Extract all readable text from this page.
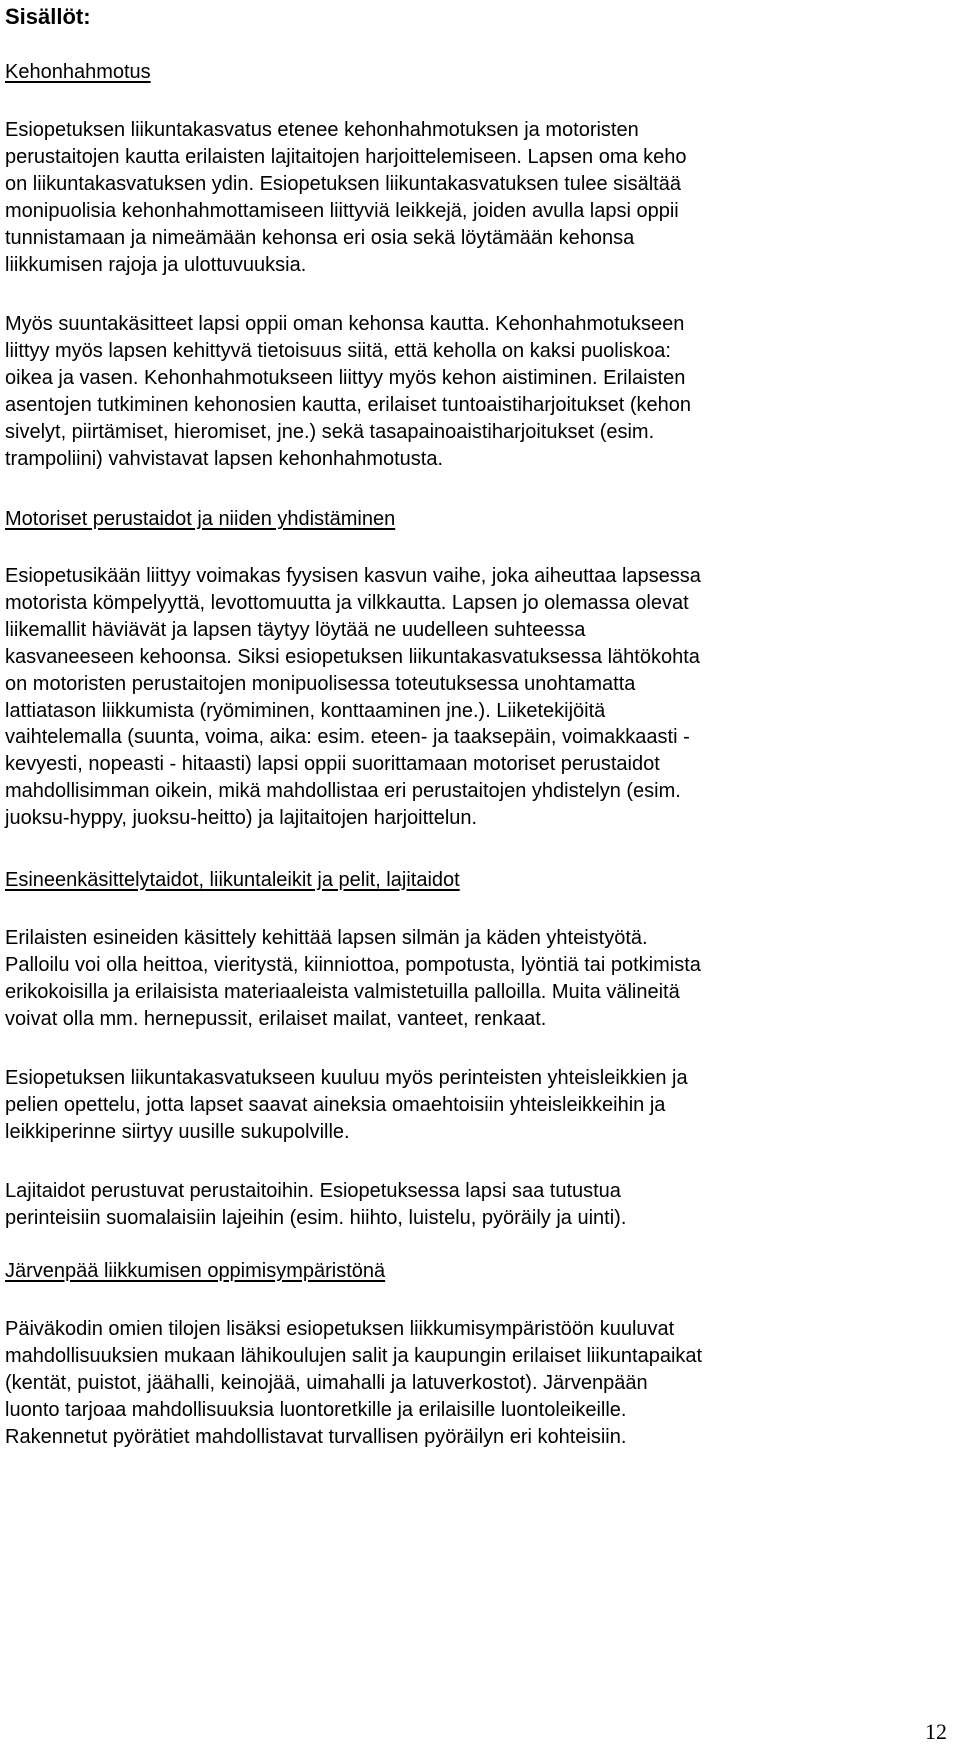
Sisällöt:
Kehonhahmotus

Esiopetuksen liikuntakasvatus etenee kehonhahmotuksen ja motoristen
perustaitojen kautta erilaisten lajitaitojen harjoittelemiseen. Lapsen oma keho
on liikuntakasvatuksen ydin. Esiopetuksen liikuntakasvatuksen tulee sisältää
monipuolisia kehonhahmottamiseen liittyviä leikkejä, joiden avulla lapsi oppii
tunnistamaan ja nimeämään kehonsa eri osia sekä löytämään kehonsa
liikkumisen rajoja ja ulottuvuuksia.

Myös suuntakäsitteet lapsi oppii oman kehonsa kautta. Kehonhahmotukseen
liittyy myös lapsen kehittyvä tietoisuus siitä, että keholla on kaksi puoliskoa:
oikea ja vasen. Kehonhahmotukseen liittyy myös kehon aistiminen. Erilaisten
asentojen tutkiminen kehonosien kautta, erilaiset tuntoaistiharjoitukset (kehon
sivelyt, piirtämiset, hieromiset, jne.) sekä tasapainoaistiharjoitukset (esim.
trampoliini) vahvistavat lapsen kehonhahmotusta.

Motoriset perustaidot ja niiden yhdistäminen

Esiopetusikään liittyy voimakas fyysisen kasvun vaihe, joka aiheuttaa lapsessa
motorista kömpelyyttä, levottomuutta ja vilkkautta. Lapsen jo olemassa olevat
liikemallit häviävät ja lapsen täytyy löytää ne uudelleen suhteessa
kasvaneeseen kehoonsa. Siksi esiopetuksen liikuntakasvatuksessa lähtökohta
on motoristen perustaitojen monipuolisessa toteutuksessa unohtamatta
lattiatason liikkumista (ryömiminen, konttaaminen jne.). Liiketekijöitä
vaihtelemalla (suunta, voima, aika: esim. eteen- ja taaksepäin, voimakkaasti -
kevyesti, nopeasti - hitaasti) lapsi oppii suorittamaan motoriset perustaidot
mahdollisimman oikein, mikä mahdollistaa eri perustaitojen yhdistelyn (esim.
juoksu-hyppy, juoksu-heitto) ja lajitaitojen harjoittelun.

Esineenkäsittelytaidot, liikuntaleikit ja pelit, lajitaidot

Erilaisten esineiden käsittely kehittää lapsen silmän ja käden yhteistyötä.
Palloilu voi olla heittoa, vieritystä, kiinniottoa, pompotusta, lyöntiä tai potkimista
erikokoisilla ja erilaisista materiaaleista valmistetuilla palloilla. Muita välineitä
voivat olla mm. hernepussit, erilaiset mailat, vanteet, renkaat.

Esiopetuksen liikuntakasvatukseen kuuluu myös perinteisten yhteisleikkien ja
pelien opettelu, jotta lapset saavat aineksia omaehtoisiin yhteisleikkeihin ja
leikkiperinne siirtyy uusille sukupolville.

Lajitaidot perustuvat perustaitoihin. Esiopetuksessa lapsi saa tutustua
perinteisiin suomalaisiin lajeihin (esim. hiihto, luistelu, pyöräily ja uinti).

Järvenpää liikkumisen oppimisympäristönä

Päiväkodin omien tilojen lisäksi esiopetuksen liikkumisympäristöön kuuluvat
mahdollisuuksien mukaan lähikoulujen salit ja kaupungin erilaiset liikuntapaikat
(kentät, puistot, jäähalli, keinojää, uimahalli ja latuverkostot). Järvenpään
luonto tarjoaa mahdollisuuksia luontoretkille ja erilaisille luontoleikeille.
Rakennetut pyörätiet mahdollistavat turvallisen pyöräilyn eri kohteisiin.

12
